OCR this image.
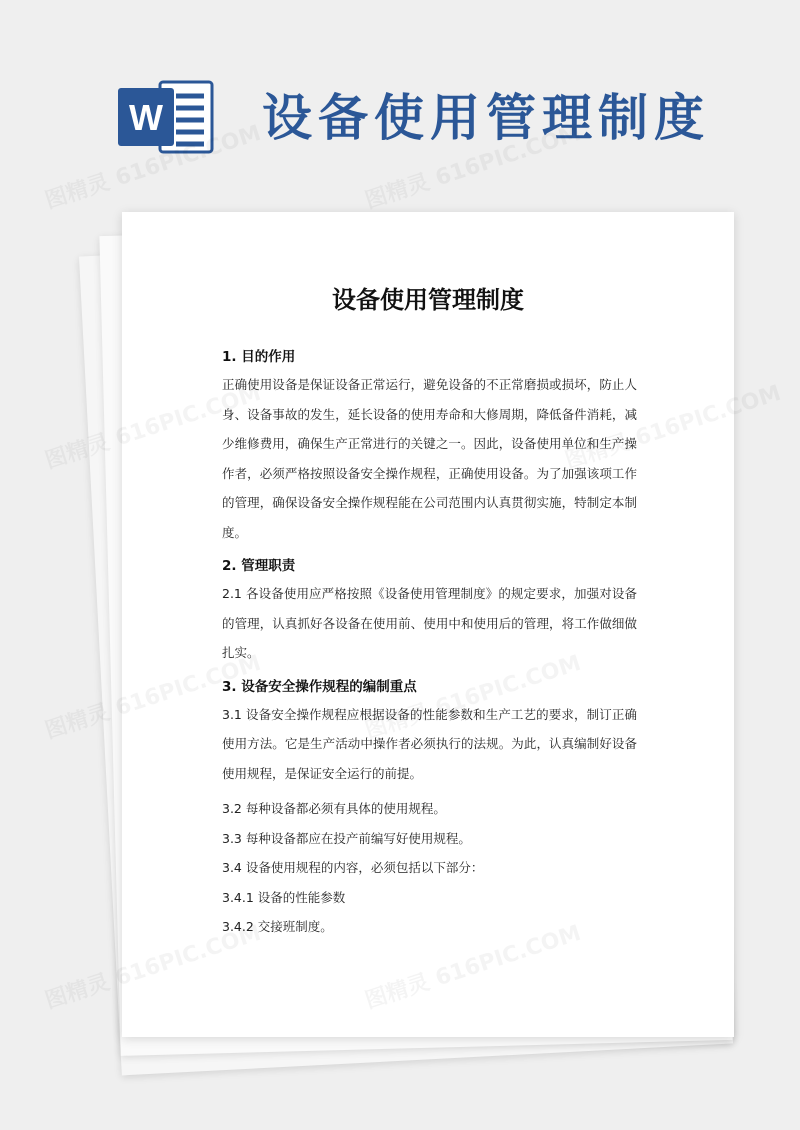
W 设备使用管理制度
设备使用管理制度

1. 目的作用

正确使用设备是保证设备正常运行，避免设备的不正常磨损或损坏，防止人身、设备事故的发生，延长设备的使用寿命和大修周期，降低备件消耗，减少维修费用，确保生产正常进行的关键之一。因此，设备使用单位和生产操作者，必须严格按照设备安全操作规程，正确使用设备。为了加强该项工作的管理，确保设备安全操作规程能在公司范围内认真贯彻实施，特制定本制度。

2. 管理职责

2.1 各设备使用应严格按照《设备使用管理制度》的规定要求，加强对设备的管理，认真抓好各设备在使用前、使用中和使用后的管理，将工作做细做扎实。

3. 设备安全操作规程的编制重点

3.1 设备安全操作规程应根据设备的性能参数和生产工艺的要求，制订正确使用方法。它是生产活动中操作者必须执行的法规。为此，认真编制好设备使用规程，是保证安全运行的前提。

3.2 每种设备都必须有具体的使用规程。

3.3 每种设备都应在投产前编写好使用规程。

3.4 设备使用规程的内容，必须包括以下部分：

3.4.1 设备的性能参数

3.4.2 交接班制度。
